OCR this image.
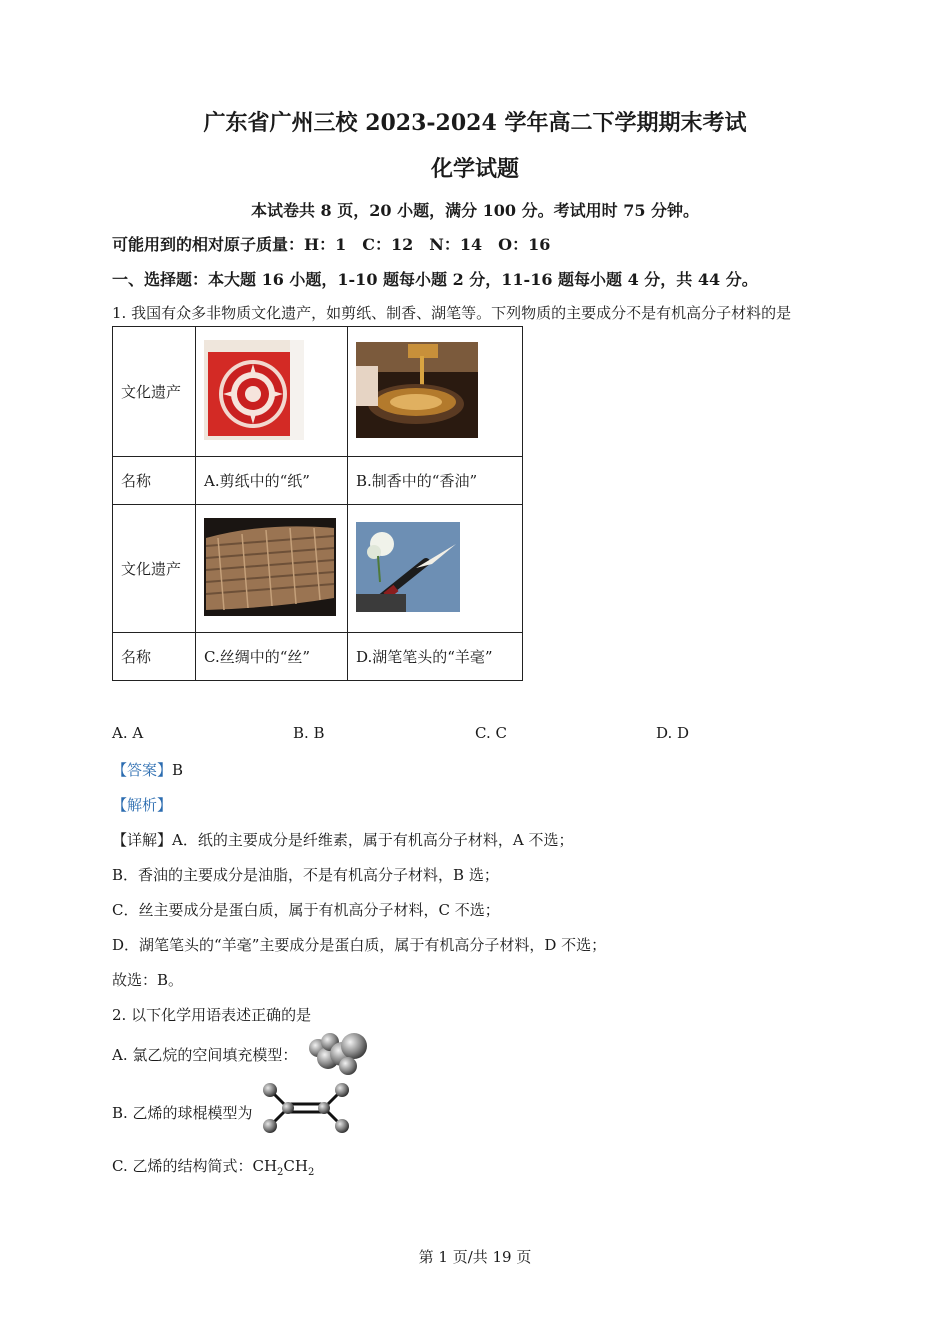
广东省广州三校 2023-2024 学年高二下学期期末考试
化学试题
本试卷共 8 页，20 小题，满分 100 分。考试用时 75 分钟。
可能用到的相对原子质量：H：1　C：12　N：14　O：16
一、选择题：本大题 16 小题，1-10 题每小题 2 分，11-16 题每小题 4 分，共 44 分。
1. 我国有众多非物质文化遗产，如剪纸、制香、湖笔等。下列物质的主要成分不是有机高分子材料的是
文化遗产		
名称	A.剪纸中的“纸”	B.制香中的“香油”
文化遗产		
名称	C.丝绸中的“丝”	D.湖笔笔头的“羊毫”
A. A	B. B	C. C	D. D
【答案】B
【解析】
【详解】A．纸的主要成分是纤维素，属于有机高分子材料，A 不选；
B．香油的主要成分是油脂，不是有机高分子材料，B 选；
C．丝主要成分是蛋白质，属于有机高分子材料，C 不选；
D．湖笔笔头的“羊毫”主要成分是蛋白质，属于有机高分子材料，D 不选；
故选：B。
2. 以下化学用语表述正确的是
A. 氯乙烷的空间填充模型：
B. 乙烯的球棍模型为
C. 乙烯的结构简式：$CH_2CH_2$
第 1 页/共 19 页
